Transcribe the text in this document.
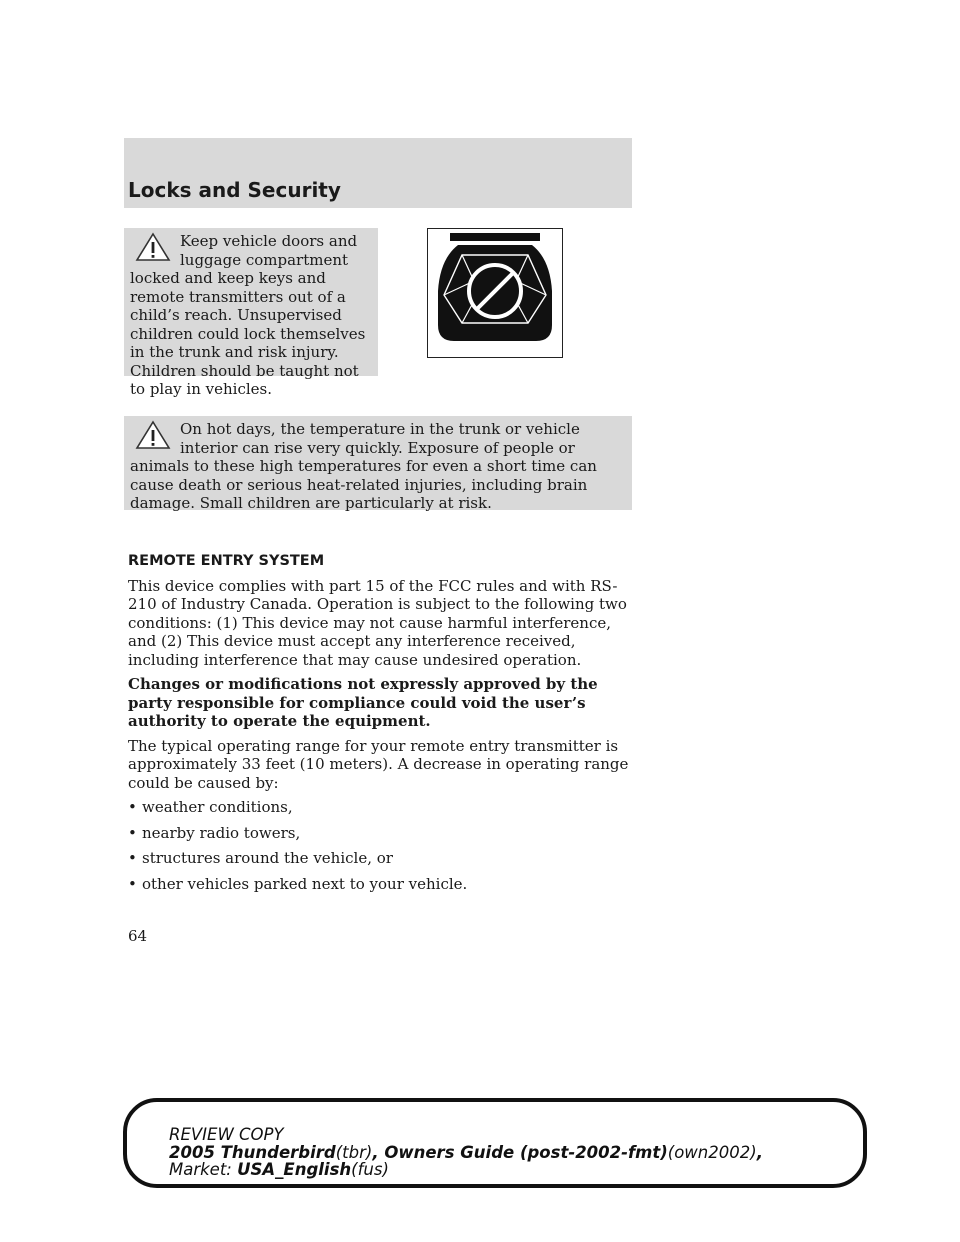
Locks and Security

Keep vehicle doors and luggage compartment locked and keep keys and remote transmitters out of a child’s reach. Unsupervised children could lock themselves in the trunk and risk injury. Children should be taught not to play in vehicles.

On hot days, the temperature in the trunk or vehicle interior can rise very quickly. Exposure of people or animals to these high temperatures for even a short time can cause death or serious heat-related injuries, including brain damage. Small children are particularly at risk.

REMOTE ENTRY SYSTEM

This device complies with part 15 of the FCC rules and with RS-210 of Industry Canada. Operation is subject to the following two conditions: (1) This device may not cause harmful interference, and (2) This device must accept any interference received, including interference that may cause undesired operation.

Changes or modifications not expressly approved by the party responsible for compliance could void the user’s authority to operate the equipment.

The typical operating range for your remote entry transmitter is approximately 33 feet (10 meters). A decrease in operating range could be caused by:

• weather conditions,
• nearby radio towers,
• structures around the vehicle, or
• other vehicles parked next to your vehicle.
64
REVIEW COPY
2005 Thunderbird(tbr), Owners Guide (post-2002-fmt)(own2002),
Market: USA_English(fus)
